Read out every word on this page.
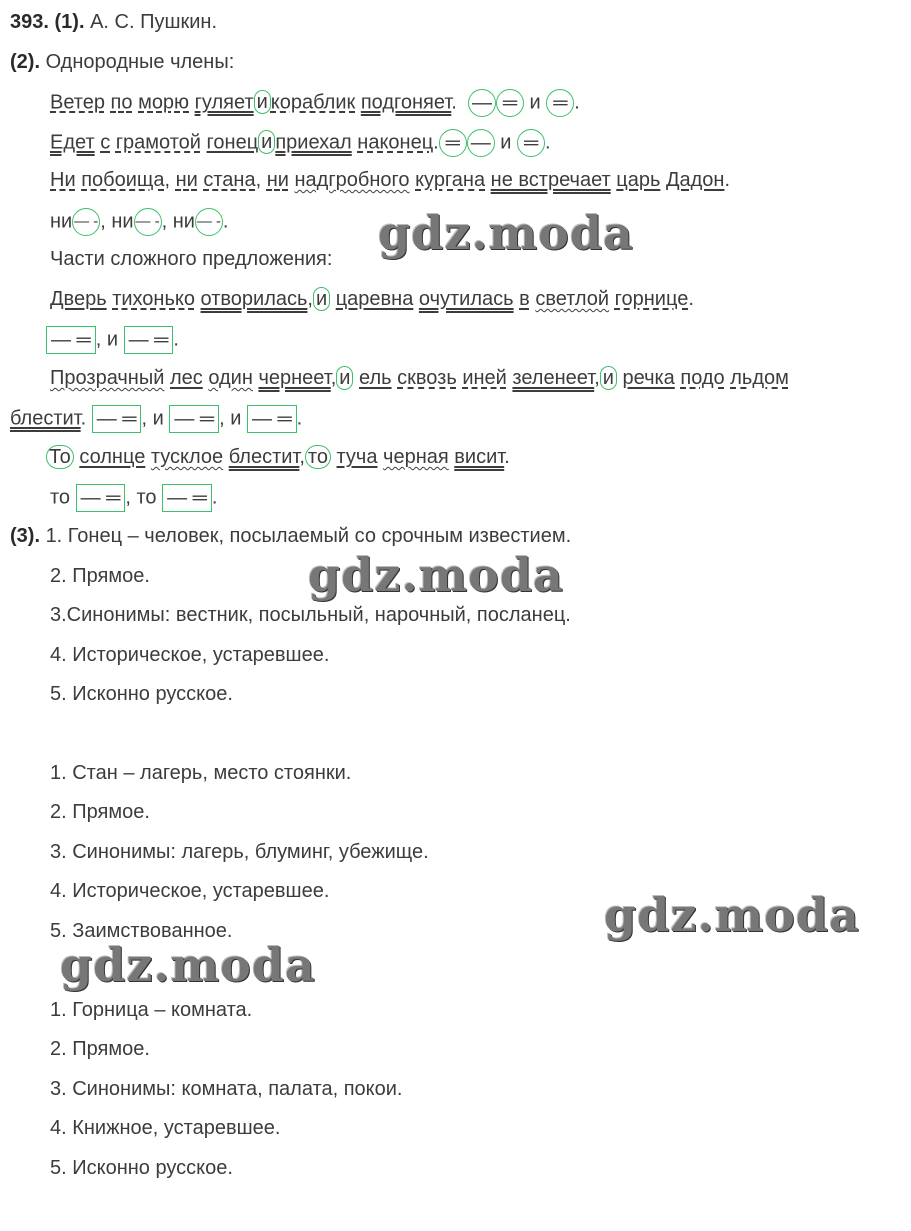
393. (1). А. С. Пушкин.
(2). Однородные члены:
Ветер по морю гуляет и кораблик подгоняет. — ═ и ═ .
Едет с грамотой гонец и приехал наконец. ═ — и ═ .
Ни побоища, ни стана, ни надгробного кургана не встречает царь Дадон.
ни — -, ни — -, ни — -.
Части сложного предложения:
Дверь тихонько отворилась, и царевна очутилась в светлой горнице.
— ═ , и — ═ .
Прозрачный лес один чернеет, и ель сквозь иней зеленеет, и речка подо льдом
блестит. — ═ , и — ═ , и — ═ .
То солнце тусклое блестит, то туча черная висит.
то — ═ , то — ═ .
(3). 1. Гонец – человек, посылаемый со срочным известием.
2. Прямое.
3.Синонимы: вестник, посыльный, нарочный, посланец.
4. Историческое, устаревшее.
5. Исконно русское.
1. Стан – лагерь, место стоянки.
2. Прямое.
3. Синонимы: лагерь, блуминг, убежище.
4. Историческое, устаревшее.
5. Заимствованное.
1. Горница – комната.
2. Прямое.
3. Синонимы: комната, палата, покои.
4. Книжное, устаревшее.
5. Исконно русское.
gdz.moda
gdz.moda
gdz.moda
gdz.moda
